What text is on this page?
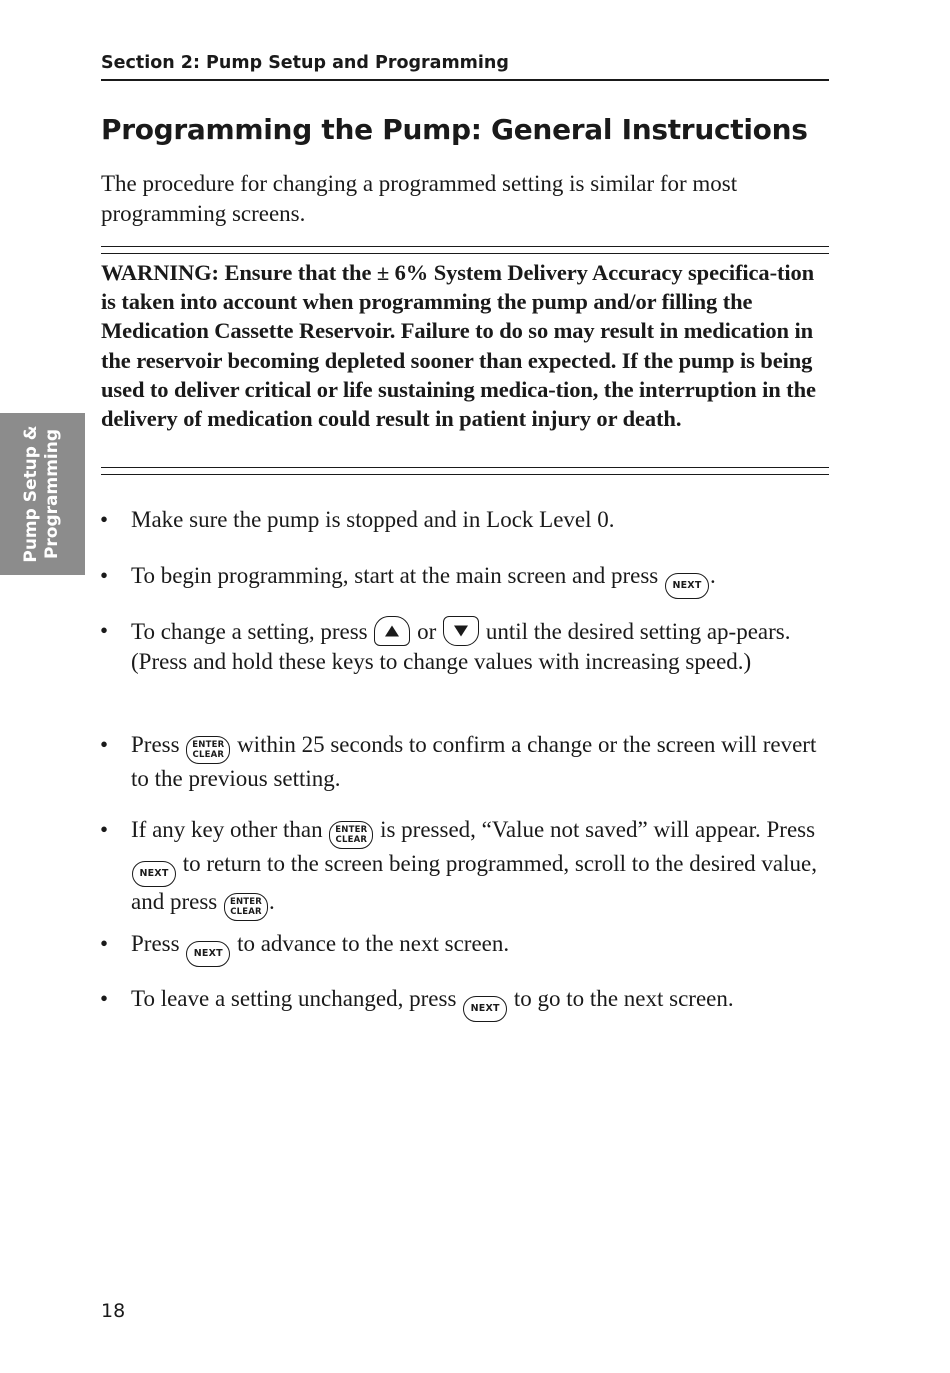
Section 2: Pump Setup and Programming
Programming the Pump: General Instructions

The procedure for changing a programmed setting is similar for most programming screens.

WARNING: Ensure that the ± 6% System Delivery Accuracy specifica-tion is taken into account when programming the pump and/or filling the Medication Cassette Reservoir. Failure to do so may result in medication in the reservoir becoming depleted sooner than expected. If the pump is being used to deliver critical or life sustaining medica-tion, the interruption in the delivery of medication could result in patient injury or death.

Pump Setup & Programming • Make sure the pump is stopped and in Lock Level 0.
• To begin programming, start at the main screen and press NEXT .
• To change a setting, press or until the desired setting ap-pears. (Press and hold these keys to change values with increasing speed.)
• Press ENTER
CLEAR within 25 seconds to confirm a change or the screen will revert to the previous setting.
• If any key other than ENTER
CLEAR is pressed, “Value not saved” will appear. Press NEXT to return to the screen being programmed, scroll to the desired value, and press ENTER
CLEAR .
• Press NEXT to advance to the next screen.
• To leave a setting unchanged, press NEXT to go to the next screen.
18
